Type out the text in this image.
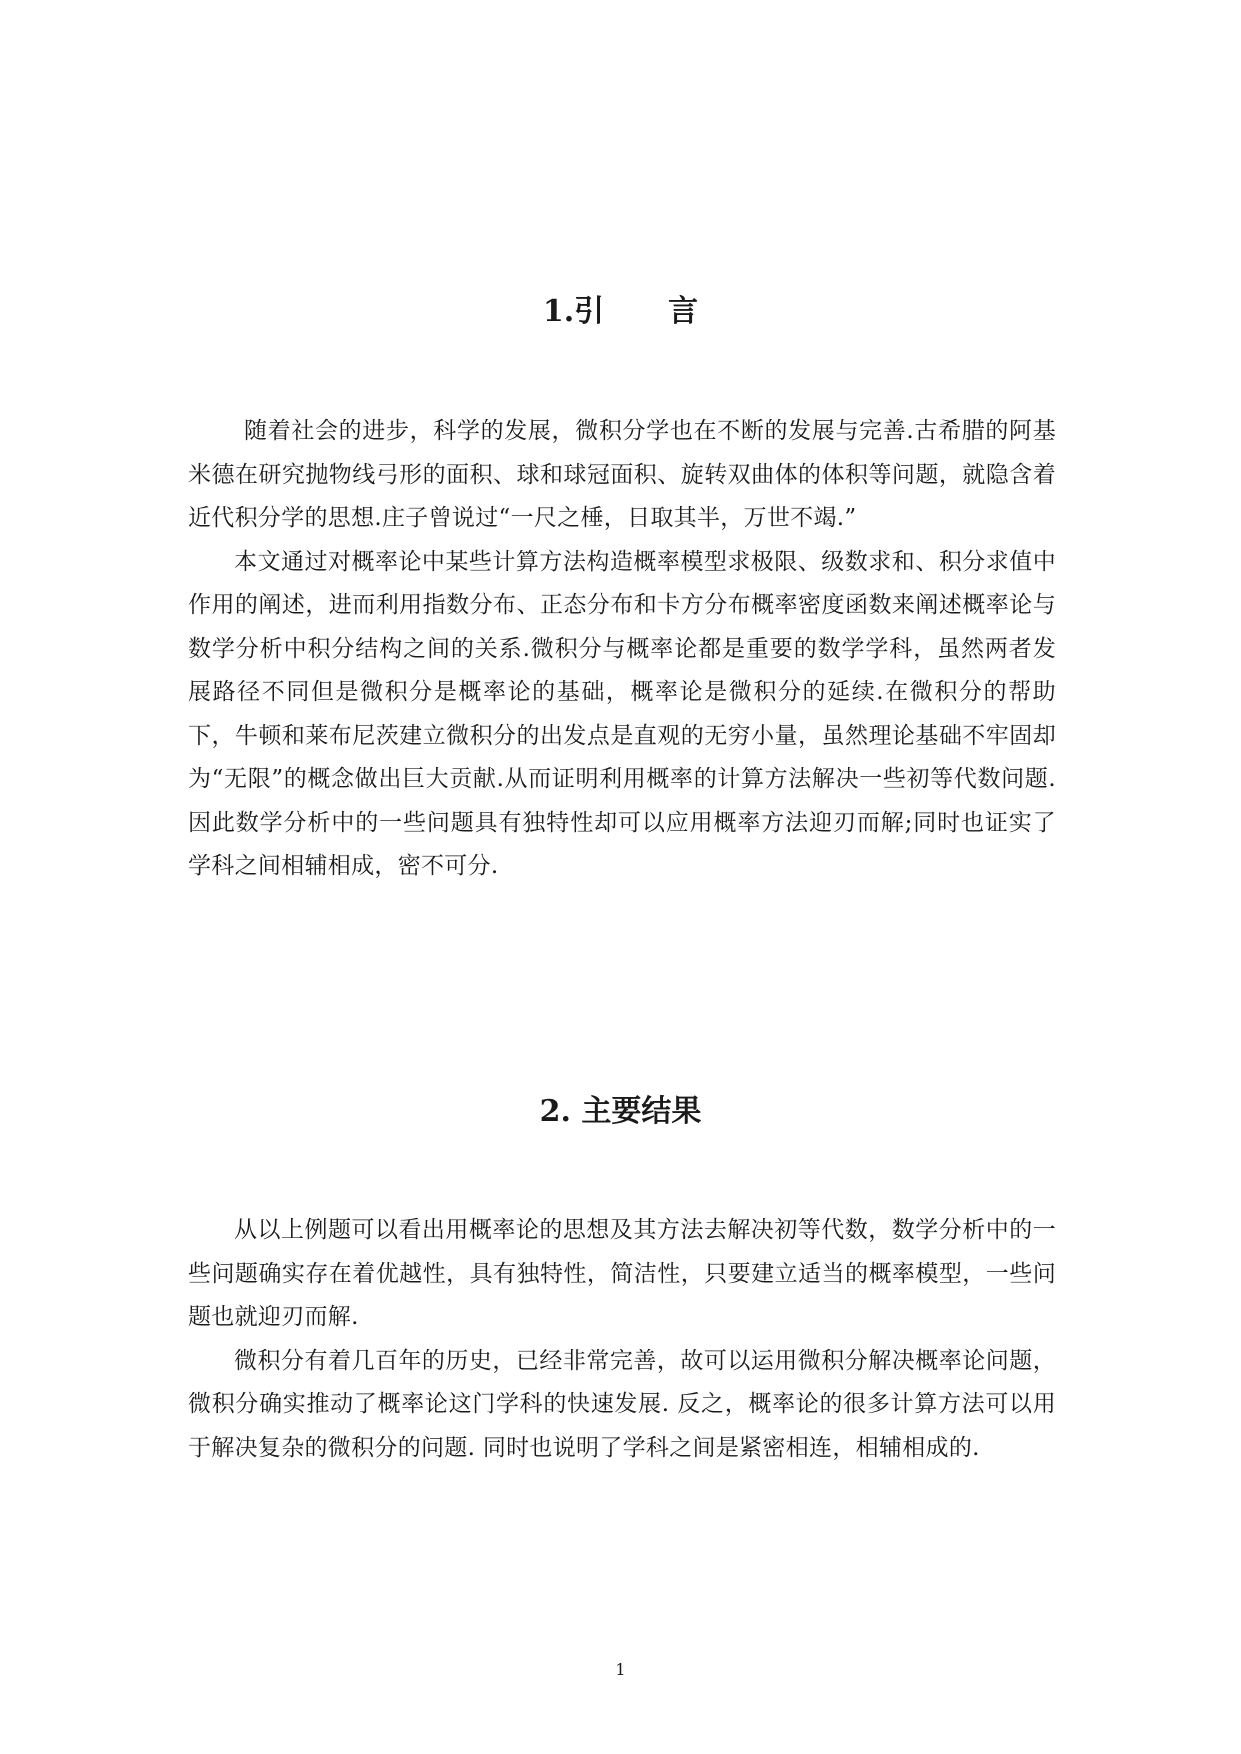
1.引 言

随着社会的进步，科学的发展，微积分学也在不断的发展与完善.古希腊的阿基米德在研究抛物线弓形的面积、球和球冠面积、旋转双曲体的体积等问题，就隐含着近代积分学的思想.庄子曾说过“一尺之棰，日取其半，万世不竭.”

本文通过对概率论中某些计算方法构造概率模型求极限、级数求和、积分求值中作用的阐述，进而利用指数分布、正态分布和卡方分布概率密度函数来阐述概率论与数学分析中积分结构之间的关系.微积分与概率论都是重要的数学学科，虽然两者发展路径不同但是微积分是概率论的基础，概率论是微积分的延续.在微积分的帮助下，牛顿和莱布尼茨建立微积分的出发点是直观的无穷小量，虽然理论基础不牢固却为“无限”的概念做出巨大贡献.从而证明利用概率的计算方法解决一些初等代数问题.因此数学分析中的一些问题具有独特性却可以应用概率方法迎刃而解;同时也证实了学科之间相辅相成，密不可分.

2. 主要结果

从以上例题可以看出用概率论的思想及其方法去解决初等代数，数学分析中的一些问题确实存在着优越性，具有独特性，简洁性，只要建立适当的概率模型，一些问题也就迎刃而解.

微积分有着几百年的历史，已经非常完善，故可以运用微积分解决概率论问题，微积分确实推动了概率论这门学科的快速发展. 反之，概率论的很多计算方法可以用于解决复杂的微积分的问题. 同时也说明了学科之间是紧密相连，相辅相成的.

1
